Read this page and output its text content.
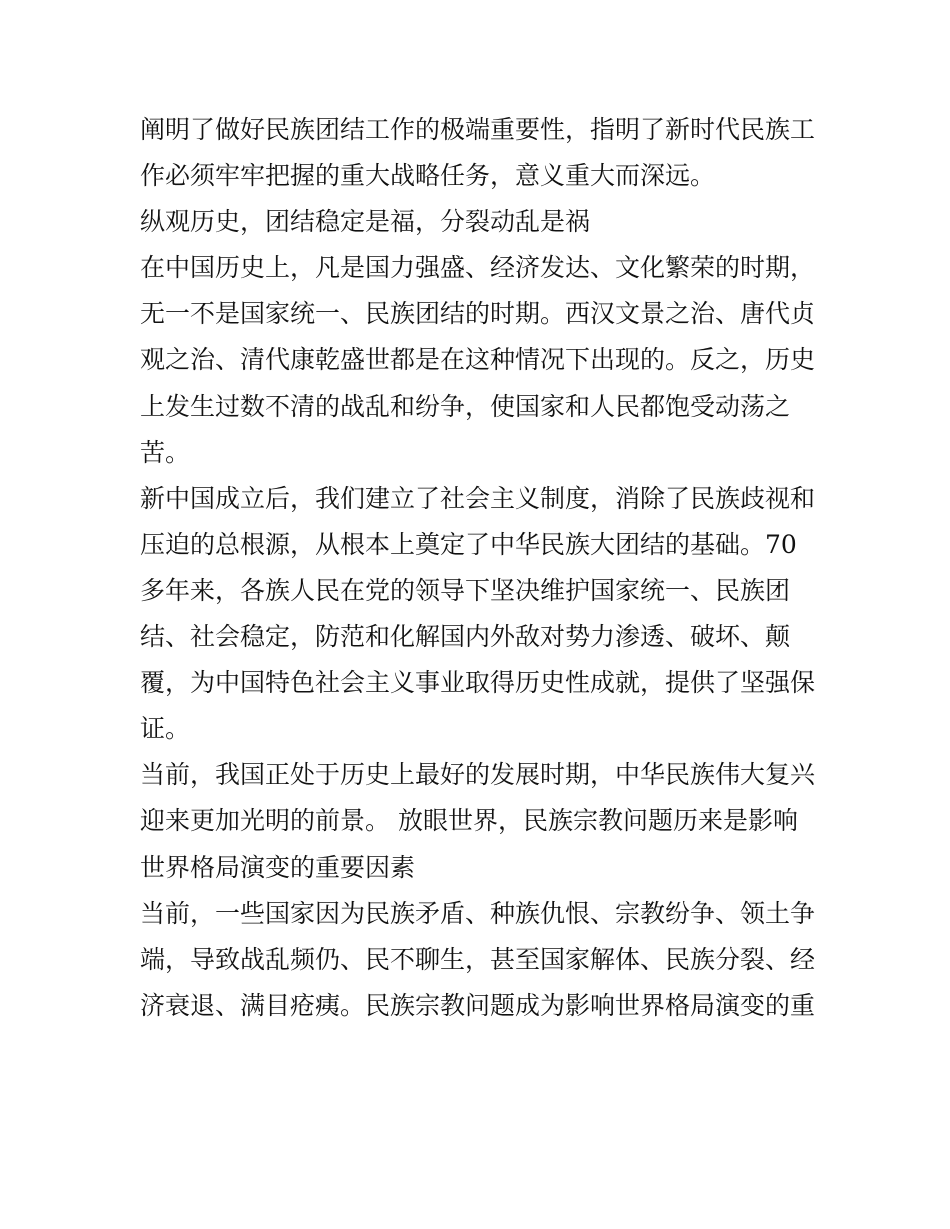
阐明了做好民族团结工作的极端重要性，指明了新时代民族工
作必须牢牢把握的重大战略任务，意义重大而深远。
纵观历史，团结稳定是福，分裂动乱是祸
在中国历史上，凡是国力强盛、经济发达、文化繁荣的时期，
无一不是国家统一、民族团结的时期。西汉文景之治、唐代贞
观之治、清代康乾盛世都是在这种情况下出现的。反之，历史
上发生过数不清的战乱和纷争，使国家和人民都饱受动荡之
苦。
新中国成立后，我们建立了社会主义制度，消除了民族歧视和
压迫的总根源，从根本上奠定了中华民族大团结的基础。70
多年来，各族人民在党的领导下坚决维护国家统一、民族团
结、社会稳定，防范和化解国内外敌对势力渗透、破坏、颠
覆，为中国特色社会主义事业取得历史性成就，提供了坚强保
证。
当前，我国正处于历史上最好的发展时期，中华民族伟大复兴
迎来更加光明的前景。 放眼世界，民族宗教问题历来是影响
世界格局演变的重要因素
当前，一些国家因为民族矛盾、种族仇恨、宗教纷争、领土争
端，导致战乱频仍、民不聊生，甚至国家解体、民族分裂、经
济衰退、满目疮痍。民族宗教问题成为影响世界格局演变的重
